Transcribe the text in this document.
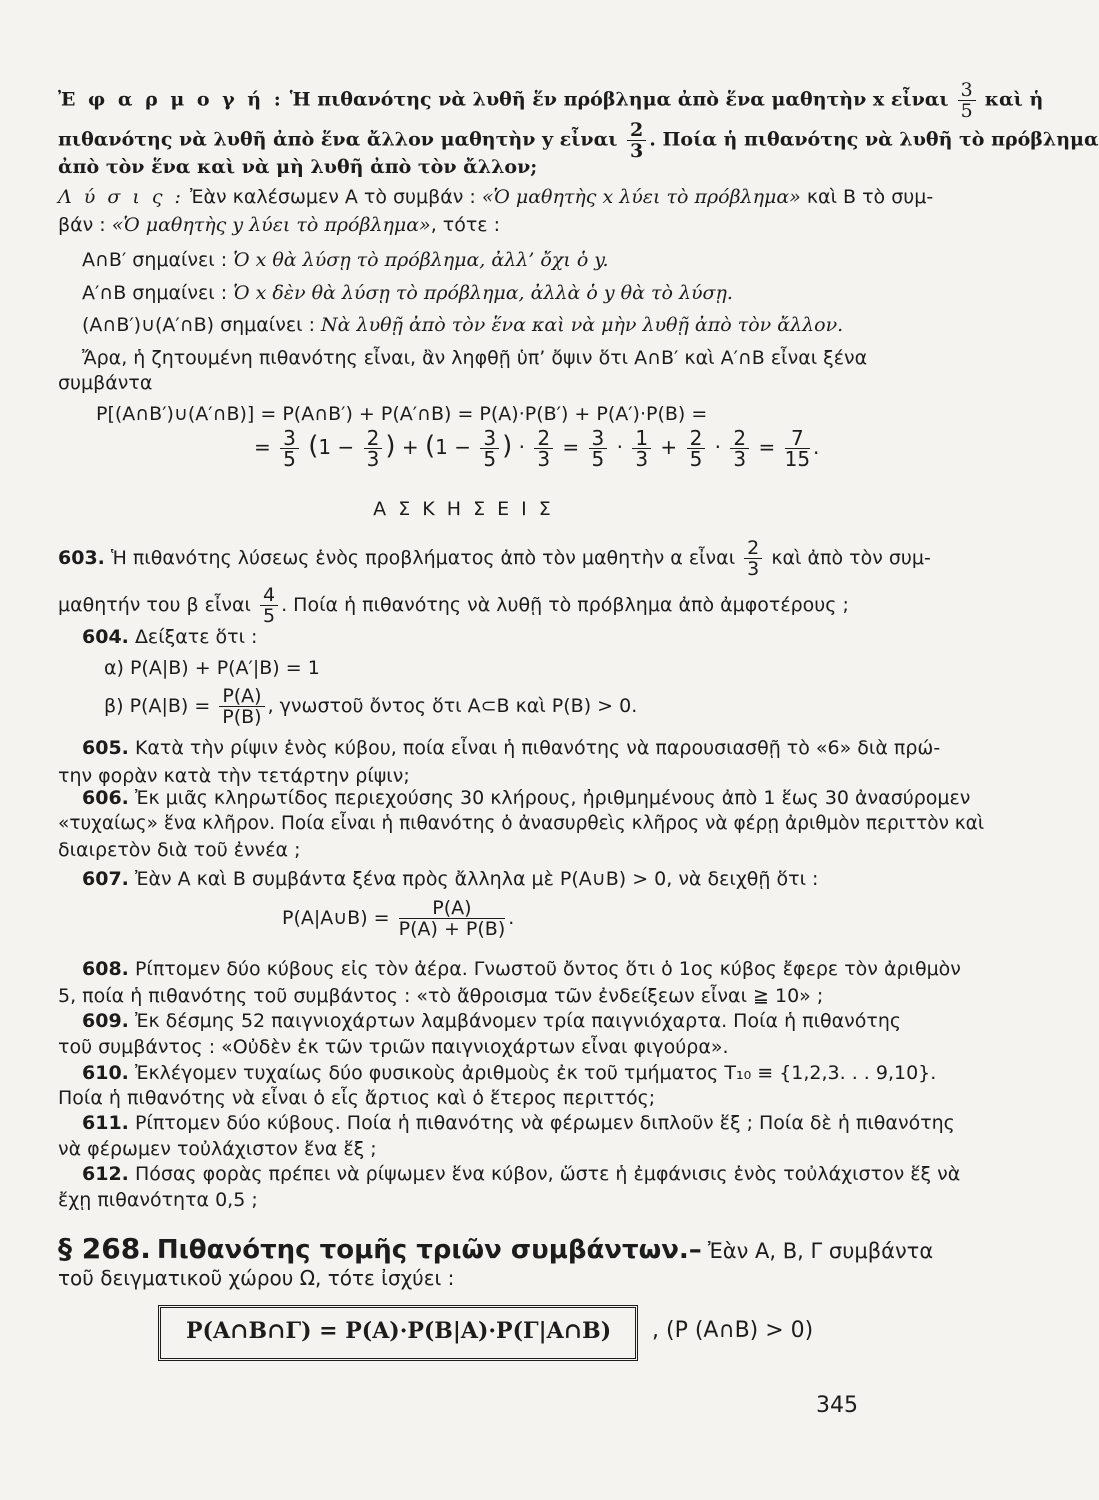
Ἐ φ α ρ μ ο γ ή : Ἡ πιθανότης νὰ λυθῆ ἕν πρόβλημα ἀπὸ ἕνα μαθητὴν x εἶναι $\frac{3}{5}$ καὶ ἡ
πιθανότης νὰ λυθῆ ἀπὸ ἕνα ἄλλον μαθητὴν y εἶναι $\frac{2}{3}$ . Ποία ἡ πιθανότης νὰ λυθῆ τὸ πρόβλημα
ἀπὸ τὸν ἕνα καὶ νὰ μὴ λυθῆ ἀπὸ τὸν ἄλλον;
Λ ύ σ ι ς : Ἐὰν καλέσωμεν Α τὸ συμβάν : «Ὁ μαθητὴς x λύει τὸ πρόβλημα» καὶ Β τὸ συμ-
βάν : «Ὁ μαθητὴς y λύει τὸ πρόβλημα», τότε :
Α∩Β′ σημαίνει : Ὁ x θὰ λύσῃ τὸ πρόβλημα, ἀλλ’ ὄχι ὁ y.
Α′∩Β σημαίνει : Ὁ x δὲν θὰ λύσῃ τὸ πρόβλημα, ἀλλὰ ὁ y θὰ τὸ λύσῃ.
(Α∩Β′)∪(Α′∩Β) σημαίνει : Νὰ λυθῇ ἀπὸ τὸν ἕνα καὶ νὰ μὴν λυθῇ ἀπὸ τὸν ἄλλον.
Ἄρα, ἡ ζητουμένη πιθανότης εἶναι, ἂν ληφθῇ ὑπ’ ὄψιν ὅτι Α∩Β′ καὶ Α′∩Β εἶναι ξένα
συμβάντα
P[(Α∩Β′)∪(Α′∩Β)] = P(Α∩Β′) + P(Α′∩Β) = P(Α)·P(Β′) + P(Α′)·P(Β) =
= $\frac{3}{5} (1 - \frac{2}{3}$ ) + ($1 - \frac{3}{5}$ ) · $\frac{2}{3} = \frac{3}{5} \cdot \frac{1}{3} + \frac{2}{5} \cdot \frac{2}{3} = \frac{7}{15}$ .
Α Σ Κ Η Σ Ε Ι Σ
603. Ἡ πιθανότης λύσεως ἑνὸς προβλήματος ἀπὸ τὸν μαθητὴν α εἶναι $\frac{2}{3}$ καὶ ἀπὸ τὸν συμ-
μαθητήν του β εἶναι $\frac{4}{5}$ . Ποία ἡ πιθανότης νὰ λυθῇ τὸ πρόβλημα ἀπὸ ἀμφοτέρους ;
604. Δείξατε ὅτι :
α) P(Α|Β) + P(Α′|Β) = 1
β) $P(A|B) = \frac{P(A)}{P(B)}$ , γνωστοῦ ὄντος ὅτι Α⊂Β καὶ P(Β) > 0.
605. Κατὰ τὴν ρίψιν ἑνὸς κύβου, ποία εἶναι ἡ πιθανότης νὰ παρουσιασθῇ τὸ «6» διὰ πρώ-
την φορὰν κατὰ τὴν τετάρτην ρίψιν;
606. Ἐκ μιᾶς κληρωτίδος περιεχούσης 30 κλήρους, ἠριθμημένους ἀπὸ 1 ἕως 30 ἀνασύρομεν
«τυχαίως» ἕνα κλῆρον. Ποία εἶναι ἡ πιθανότης ὁ ἀνασυρθεὶς κλῆρος νὰ φέρῃ ἀριθμὸν περιττὸν καὶ
διαιρετὸν διὰ τοῦ ἐννέα ;
607. Ἐὰν Α καὶ Β συμβάντα ξένα πρὸς ἄλληλα μὲ P(Α∪Β) > 0, νὰ δειχθῇ ὅτι :
P(Α|Α∪Β) = $\frac{P(A)}{P(A) + P(B)}$ .
608. Ρίπτομεν δύο κύβους εἰς τὸν ἀέρα. Γνωστοῦ ὄντος ὅτι ὁ 1ος κύβος ἔφερε τὸν ἀριθμὸν
5, ποία ἡ πιθανότης τοῦ συμβάντος : «τὸ ἄθροισμα τῶν ἐνδείξεων εἶναι ≧ 10» ;
609. Ἐκ δέσμης 52 παιγνιοχάρτων λαμβάνομεν τρία παιγνιόχαρτα. Ποία ἡ πιθανότης
τοῦ συμβάντος : «Οὐδὲν ἐκ τῶν τριῶν παιγνιοχάρτων εἶναι φιγούρα».
610. Ἐκλέγομεν τυχαίως δύο φυσικοὺς ἀριθμοὺς ἐκ τοῦ τμήματος T₁₀ ≡ {1,2,3. . . 9,10}.
Ποία ἡ πιθανότης νὰ εἶναι ὁ εἷς ἄρτιος καὶ ὁ ἕτερος περιττός;
611. Ρίπτομεν δύο κύβους. Ποία ἡ πιθανότης νὰ φέρωμεν διπλοῦν ἕξ ; Ποία δὲ ἡ πιθανότης
νὰ φέρωμεν τοὐλάχιστον ἕνα ἕξ ;
612. Πόσας φορὰς πρέπει νὰ ρίψωμεν ἕνα κύβον, ὥστε ἡ ἐμφάνισις ἑνὸς τοὐλάχιστον ἕξ νὰ
ἔχῃ πιθανότητα 0,5 ;
§ 268. Πιθανότης τομῆς τριῶν συμβάντων.– Ἐὰν Α, Β, Γ συμβάντα
τοῦ δειγματικοῦ χώρου Ω, τότε ἰσχύει :
P(Α∩Β∩Γ) = P(Α)·P(Β|Α)·P(Γ|Α∩Β) , (P (Α∩Β) > 0)
345
